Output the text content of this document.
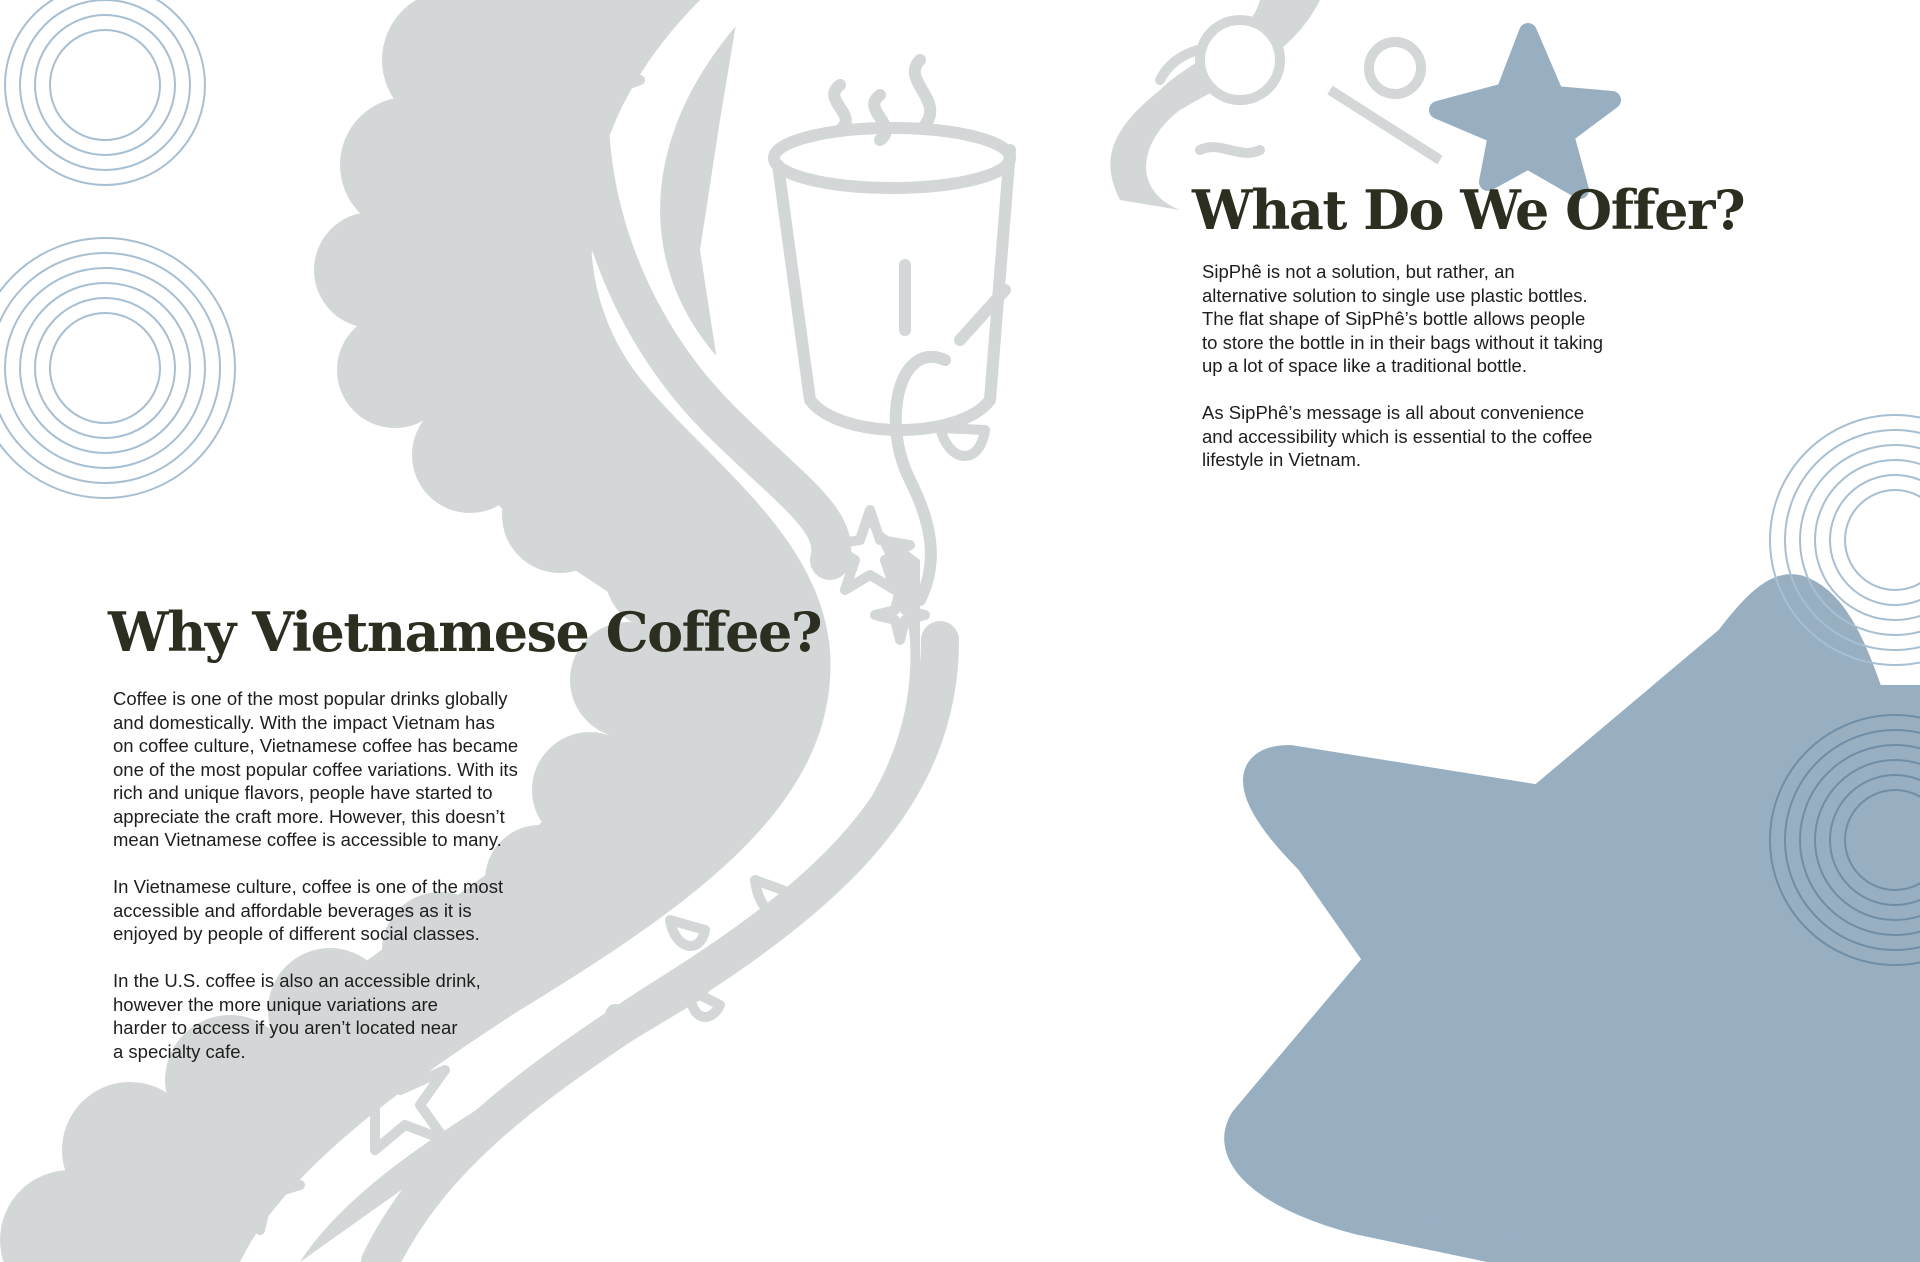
What Do We Offer?

SipPhê is not a solution, but rather, an
alternative solution to single use plastic bottles.
The flat shape of SipPhê’s bottle allows people
to store the bottle in in their bags without it taking
up a lot of space like a traditional bottle.

As SipPhê’s message is all about convenience
and accessibility which is essential to the coffee
lifestyle in Vietnam.

Why Vietnamese Coffee?

Coffee is one of the most popular drinks globally
and domestically. With the impact Vietnam has
on coffee culture, Vietnamese coffee has became
one of the most popular coffee variations. With its
rich and unique flavors, people have started to
appreciate the craft more. However, this doesn’t
mean Vietnamese coffee is accessible to many.

In Vietnamese culture, coffee is one of the most
accessible and affordable beverages as it is
enjoyed by people of different social classes.

In the U.S. coffee is also an accessible drink,
however the more unique variations are
harder to access if you aren’t located near
a specialty cafe.
